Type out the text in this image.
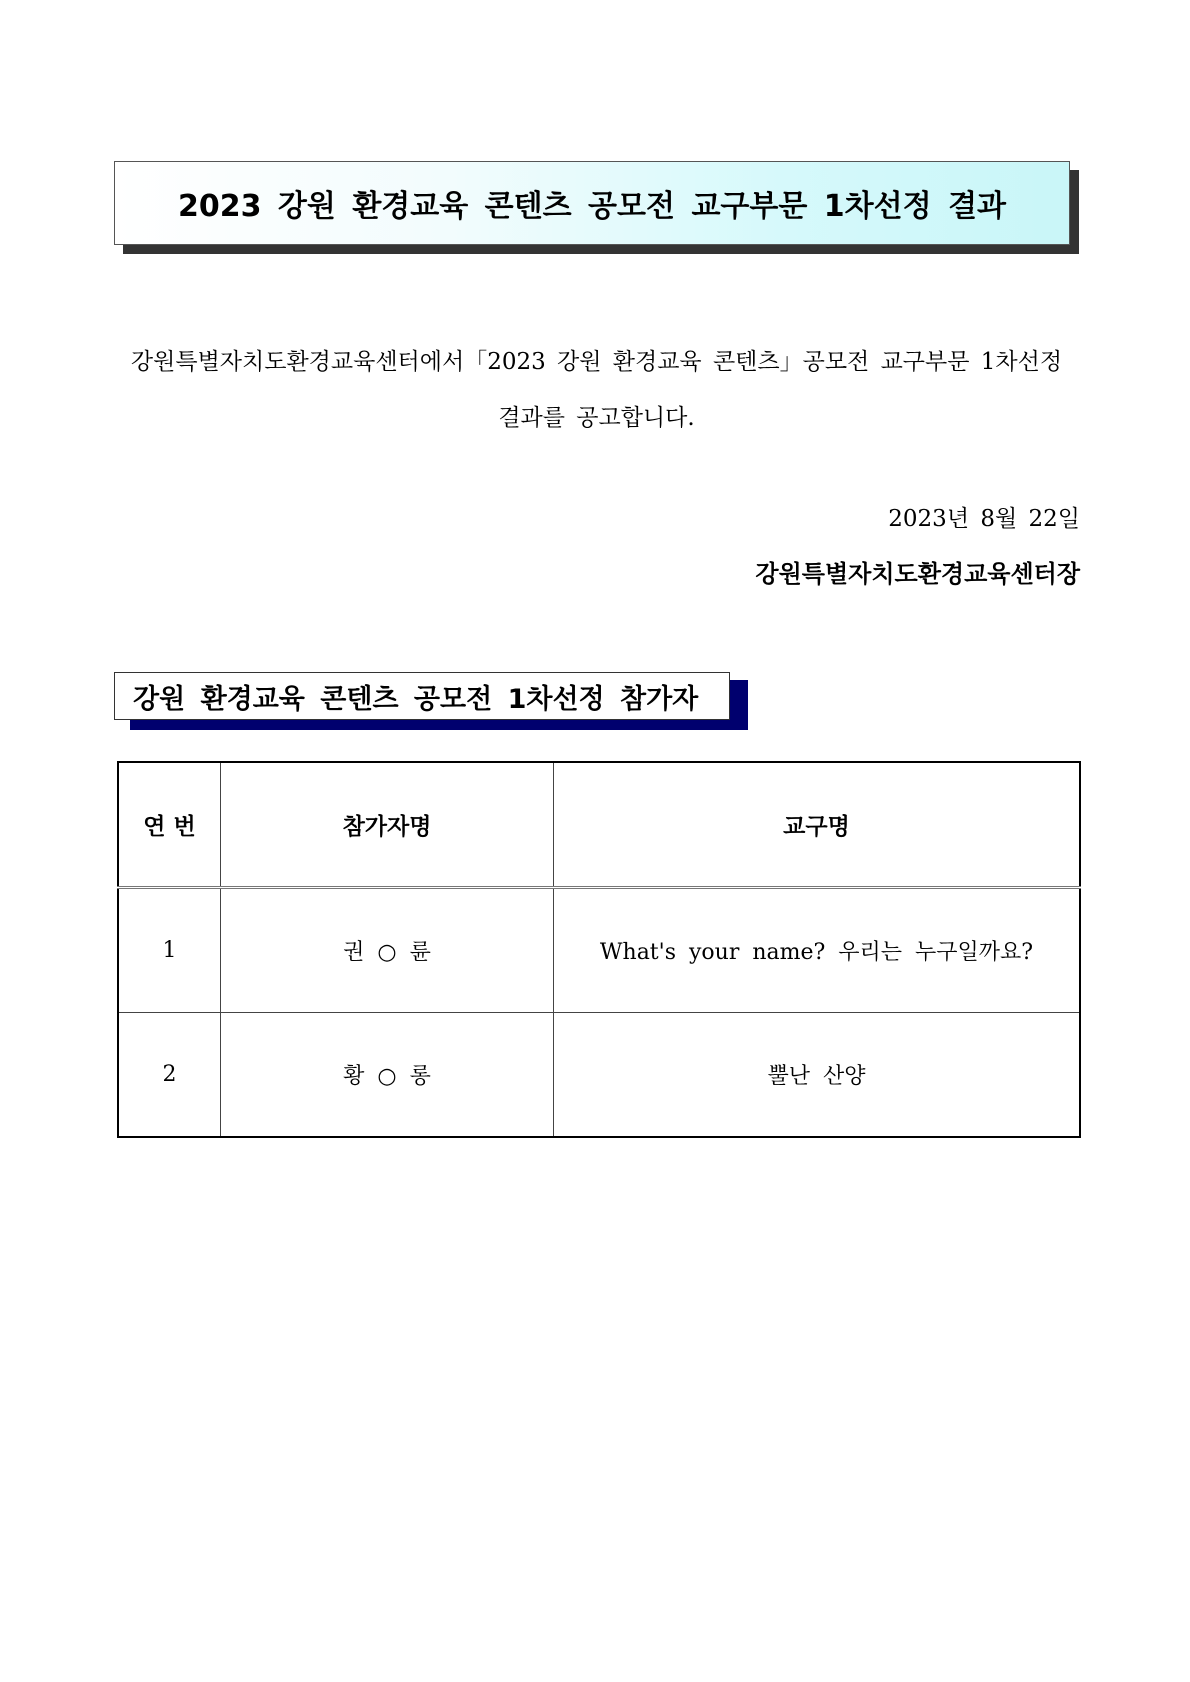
2023 강원 환경교육 콘텐츠 공모전 교구부문 1차선정 결과
강원특별자치도환경교육센터에서「2023 강원 환경교육 콘텐츠」공모전 교구부문 1차선정
결과를 공고합니다.
2023년 8월 22일
강원특별자치도환경교육센터장
강원 환경교육 콘텐츠 공모전 1차선정 참가자
연 번	참가자명	교구명
1	권 ○ 륜	What's your name? 우리는 누구일까요?
2	황 ○ 롱	뿔난 산양
